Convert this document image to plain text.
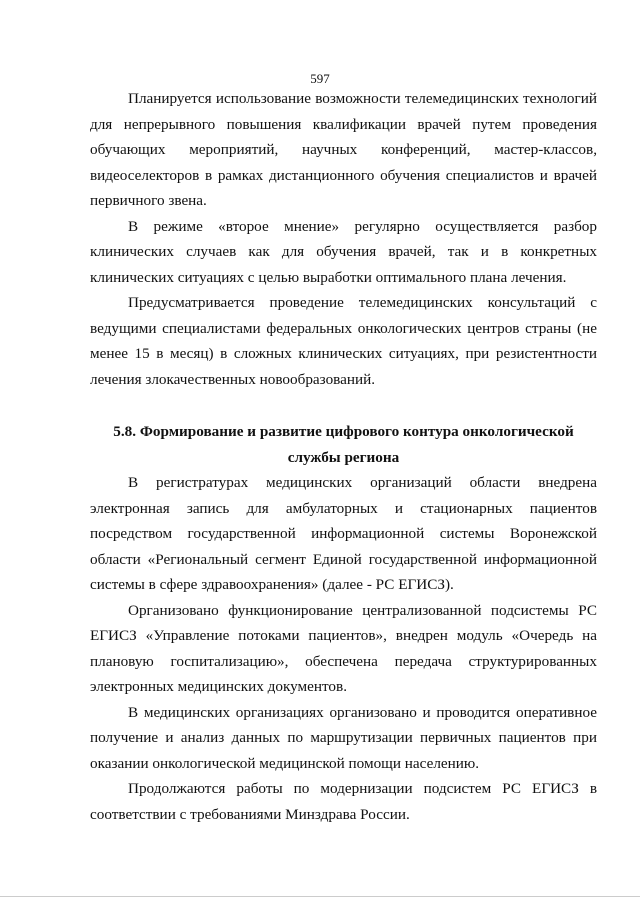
597

Планируется использование возможности телемедицинских технологий для непрерывного повышения квалификации врачей путем проведения обучающих мероприятий, научных конференций, мастер-классов, видеоселекторов в рамках дистанционного обучения специалистов и врачей первичного звена.

В режиме «второе мнение» регулярно осуществляется разбор клинических случаев как для обучения врачей, так и в конкретных клинических ситуациях с целью выработки оптимального плана лечения.

Предусматривается проведение телемедицинских консультаций с ведущими специалистами федеральных онкологических центров страны (не менее 15 в месяц) в сложных клинических ситуациях, при резистентности лечения злокачественных новообразований.

5.8. Формирование и развитие цифрового контура онкологической службы региона

В регистратурах медицинских организаций области внедрена электронная запись для амбулаторных и стационарных пациентов посредством государственной информационной системы Воронежской области «Региональный сегмент Единой государственной информационной системы в сфере здравоохранения» (далее - РС ЕГИСЗ).

Организовано функционирование централизованной подсистемы РС ЕГИСЗ «Управление потоками пациентов», внедрен модуль «Очередь на плановую госпитализацию», обеспечена передача структурированных электронных медицинских документов.

В медицинских организациях организовано и проводится оперативное получение и анализ данных по маршрутизации первичных пациентов при оказании онкологической медицинской помощи населению.

Продолжаются работы по модернизации подсистем РС ЕГИСЗ в соответствии с требованиями Минздрава России.
